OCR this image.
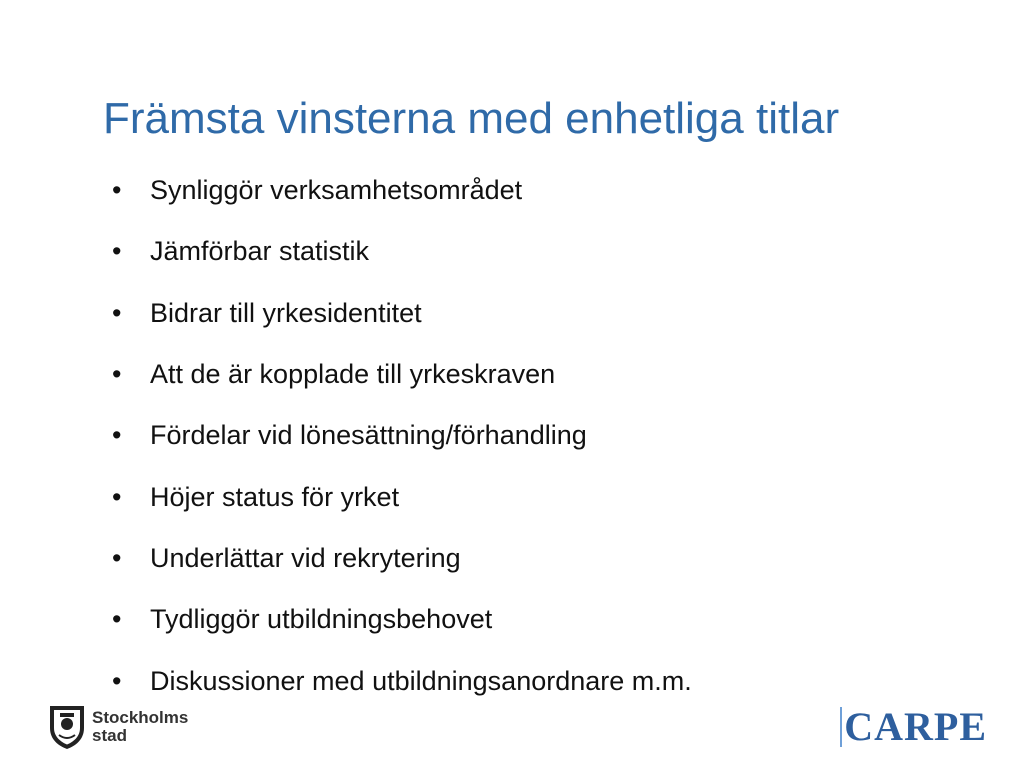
Främsta vinsterna med enhetliga titlar
•	Synliggör verksamhetsområdet
•	Jämförbar statistik
•	Bidrar till yrkesidentitet
•	Att de är kopplade till yrkeskraven
•	Fördelar vid lönesättning/förhandling
•	Höjer status för yrket
•	Underlättar vid rekrytering
•	Tydliggör utbildningsbehovet
•	Diskussioner med utbildningsanordnare m.m.
Stockholms
stad	CARPE
